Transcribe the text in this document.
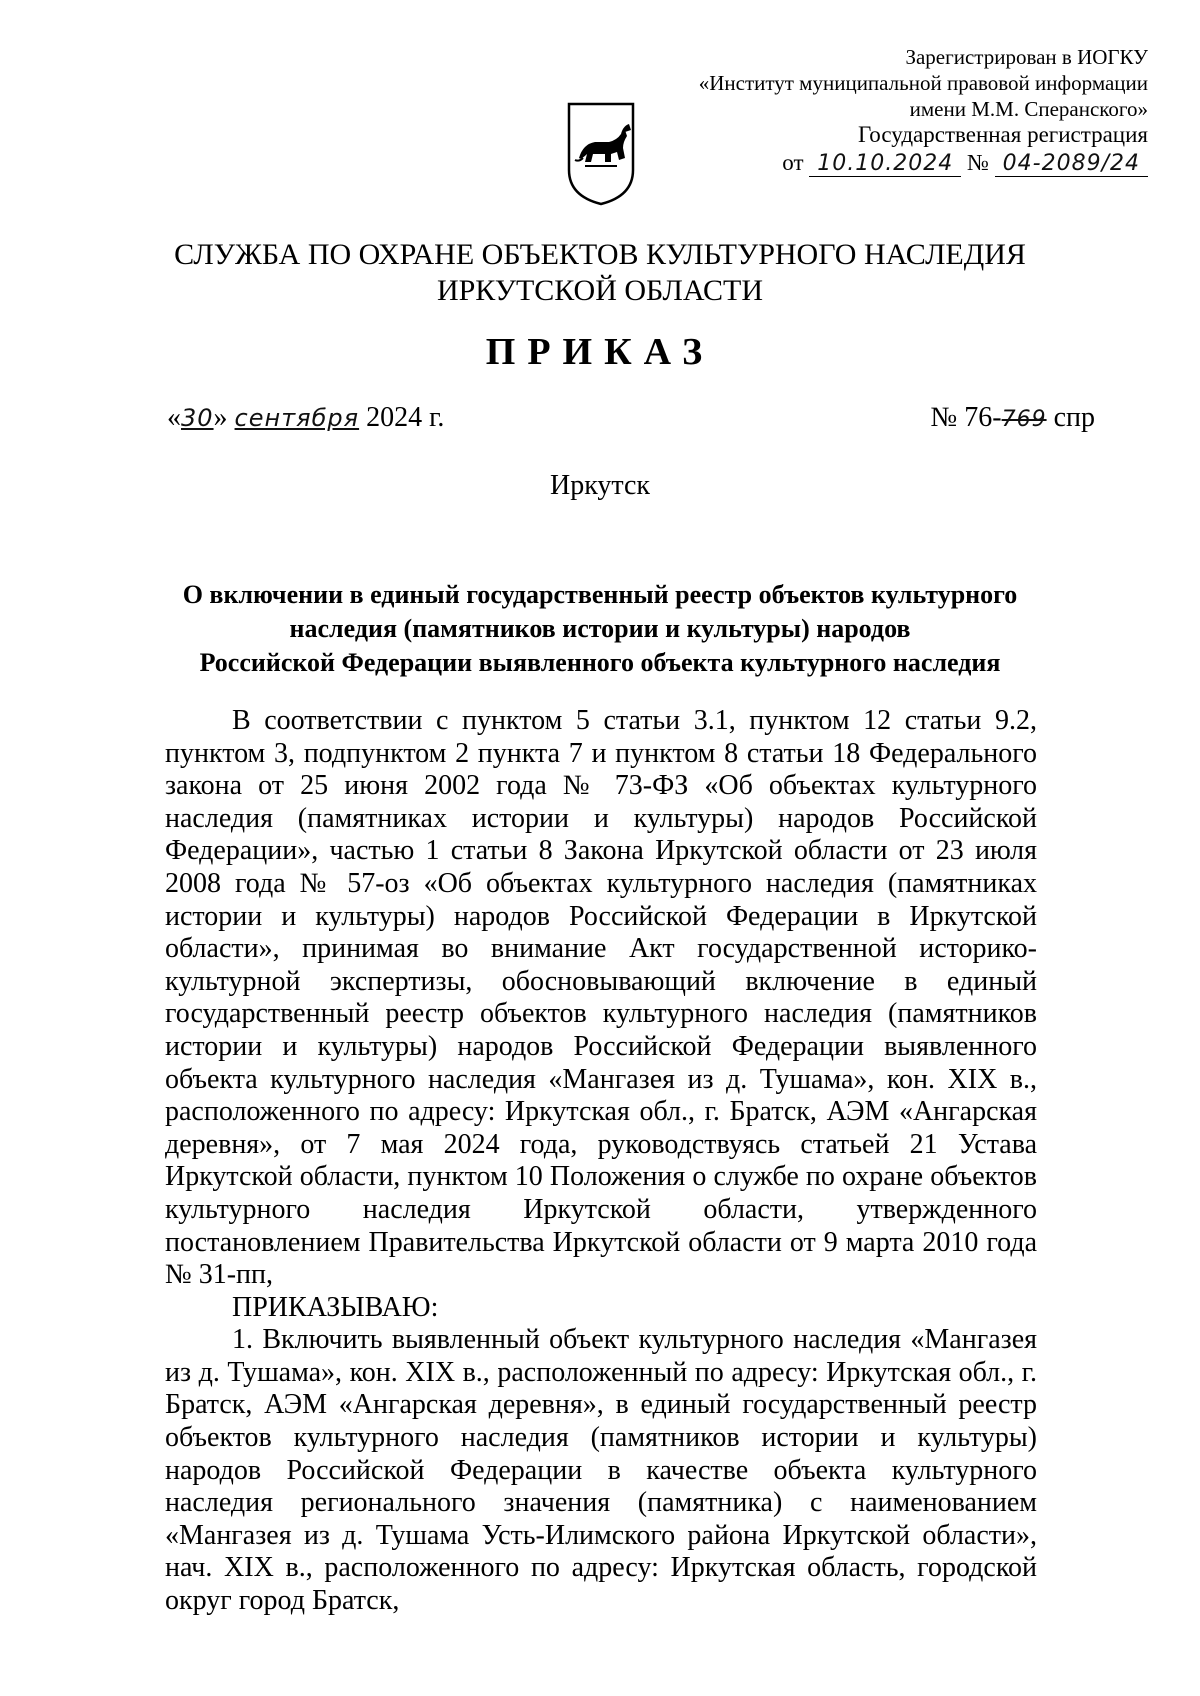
Зарегистрирован в ИОГКУ
«Институт муниципальной правовой информации
имени М.М. Сперанского»
Государственная регистрация
от 10.10.2024 № 04-2089/24
СЛУЖБА ПО ОХРАНЕ ОБЪЕКТОВ КУЛЬТУРНОГО НАСЛЕДИЯ
ИРКУТСКОЙ ОБЛАСТИ
ПРИКАЗ
«30» сентября 2024 г.	№ 76-769 спр
Иркутск
О включении в единый государственный реестр объектов культурного
наследия (памятников истории и культуры) народов
Российской Федерации выявленного объекта культурного наследия

В соответствии с пунктом 5 статьи 3.1, пунктом 12 статьи 9.2, пунктом 3, подпунктом 2 пункта 7 и пунктом 8 статьи 18 Федерального закона от 25 июня 2002 года № 73-ФЗ «Об объектах культурного наследия (памятниках истории и культуры) народов Российской Федерации», частью 1 статьи 8 Закона Иркутской области от 23 июля 2008 года № 57-оз «Об объектах культурного наследия (памятниках истории и культуры) народов Российской Федерации в Иркутской области», принимая во внимание Акт государственной историко-культурной экспертизы, обосновывающий включение в единый государственный реестр объектов культурного наследия (памятников истории и культуры) народов Российской Федерации выявленного объекта культурного наследия «Мангазея из д. Тушама», кон. XIX в., расположенного по адресу: Иркутская обл., г. Братск, АЭМ «Ангарская деревня», от 7 мая 2024 года, руководствуясь статьей 21 Устава Иркутской области, пунктом 10 Положения о службе по охране объектов культурного наследия Иркутской области, утвержденного постановлением Правительства Иркутской области от 9 марта 2010 года № 31-пп,

ПРИКАЗЫВАЮ:

1. Включить выявленный объект культурного наследия «Мангазея из д. Тушама», кон. XIX в., расположенный по адресу: Иркутская обл., г. Братск, АЭМ «Ангарская деревня», в единый государственный реестр объектов культурного наследия (памятников истории и культуры) народов Российской Федерации в качестве объекта культурного наследия регионального значения (памятника) с наименованием «Мангазея из д. Тушама Усть-Илимского района Иркутской области», нач. XIX в., расположенного по адресу: Иркутская область, городской округ город Братск,
